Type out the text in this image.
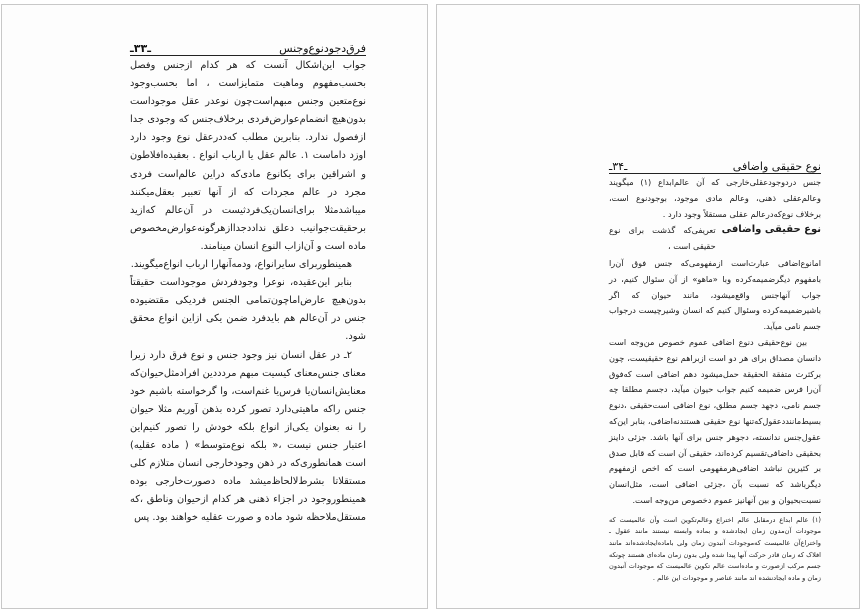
ـ۳۳ـ	فرق‌دجودنوع‌وجنس

جواب این‌اشکال آنست که هر کدام ازجنس وفصل بحسب‌مفهوم وماهیت متمایزاست ، اما بحسب‌وجود نوع‌متعین وجنس مبهم‌است‌چون نوعدر عقل موجوداست بدون‌هیچ انضمام‌عوارض‌فردی برخلاف‌جنس که وجودی جدا ازفصول ندارد. بنابرین مطلب کەددرعقل نوع وجود دارد اوزد داماست ۱. عالم عقل یا ارباب انواع . بعقیده‌افلاطون و اشراقین برای یکانوع مادی‌که دراین عالم‌است فردی‌ مجرد در عالم‌ مجردات که از آنها تعبیر بعقل‌میکنند میباشد‌مثلا برای‌انسان‌یک‌فردثیست در آن‌عالم کەازید برحقیقت‌جوانیب دعلق نداددجدا‌ازهرگونه‌عوارض‌مخصوص ماده است و آن‌ازاب النوع انسان مینامند.

همینطوربرای سایرانواع، ودمه‌آنهارا ارباب انواع‌میگویند.

بنابر این‌عقیده، نوعرا وجودفردش موجوداست حقیقتاً بدون‌هیچ عارض‌اما‌چون‌تمامی‌ الجنس‌ فرد‌یکی مقتضیوده‌ جنس در آن‌عالم هم باید‌فرد ضمن یکی ازاین انواع محقق شود.

۲ـ در عقل انسان نیز وجود جنس و نوع فرق دارد زیرا معنای جنس‌معنای‌ کیسیت‌ مبهم‌ مردددین افرادمثل‌حیوان‌که معنایش‌انسان‌یا فرس‌یا غنم‌است، وا گر‌خواسته باشیم خود جنس راکه ماهیتی‌دارد تصور کرده بذهن آوریم مثلا حیوان را نه بعنوان یکی‌از انواع بلکه خودش را تصور کنیم‌این اعتبار جنس‌ نیست ،« بلکه نوع‌متوسط» ( ماده عقلیه) است همانطوری‌که‌ در ذهن‌ وجودخارجی انسان‌ متلازم‌ کلی مستقلاتا‌ بشرط‌لا‌لحاظ‌میشد ماده دصورت‌خارجی بوده همینطوروجود در‌ ‌اجزاء ذهنی هر کدام ازحیوان و‌ناطق ،که مستقل‌ملاحظه شود ماده و صورت عقلیه خواهند بود. پس

ـ۳۴ـ	نوع حقیقی واضافی

جنس دردوجودعقلی‌خارجی که‌ آن‌ عالم‌ابداع (۱) میگویند وعالم‌عقلی ذهنی، وعالم مادی‌ موجود، بوجود‌نوع است، برخلاف نوع‌که‌درعالم عقلی مستقلاً وجود دارد .

نوع حقیقی واضافی
تعریفی‌که گذشت برای نوع حقیقی است ،

امانوع‌اضافی‌ عبارت‌است‌ ازمفهومی‌که جنس‌ فوق آن‌را بامفهوم دیگرضمیمه‌کرده وبا «ماهو» از آن سئوال کنیم، در جواب آنهاجنس واقع‌میشود، مانند حیوان که اگر باشیرضمیمه‌کرده وسئوال کنیم‌ که انسان وشیرچیست درجواب جسم نامی میآید.

بین نوع‌حقیقی دنوع اضافی عموم‌ خصوص من‌وجه است دانسان مصداق برای هر دو است ازبراهم نوع حقیقیست، چون برکثرت متفقة الحقیقة حمل‌میشود دهم اضافی است که‌فوق آن‌را فرس ضمیمه‌ کنیم جواب‌ حیوان میآید، دجسم‌ مطلقا چه‌ جسم نامی، دجهد جسم مطلق، نوع اضافی است‌حقیقی ،دنوع بسیط‌ماننددعقول‌که‌تنها‌ نوع حقیقی‌ هستندنه‌اضافی، بنابر این‌که عقول‌جنس ندانسته، دجوهر جنس برای آنها باشد. جزئی داینز بحقیقی داضافی‌تقسیم کرده‌اند، حقیقی آن‌ است‌ که قابل صدق بر کثیرین نباشد اضافی‌هرمفهومی است که‌ اخص ازمفهوم‌ دیگرباشد که‌ نسبت‌ بآن ،جزئی اضافی است، مثل‌انسان نسبت‌بحیوان و بین آنها‌نیز عموم دخصوص من‌وجه است.

(۱) عالم ابداع درمقابل عالم اختراع وعالم‌تکوین است وآن عالمیست که موجودات آن‌مدون زمان‌ ایجادشده و بماده وابسته نیستند مانند عقول ـ واختراع‌آن عالمیست‌ که‌موجودات آنبدون زمان ولی باماده‌ایجادشده‌اند مانند افلاک که زمان‌ قادر حرکت آنها پیدا شده ولی بدون زمان‌ ماده‌ای هستند چونکه جسم مرکب ازصورت و ماده‌است عالم تکوین عالمیست که موجودات آنبدون زمان و ماده‌ ایجادنشده اند مانند عناصر و موجودات این عالم .
